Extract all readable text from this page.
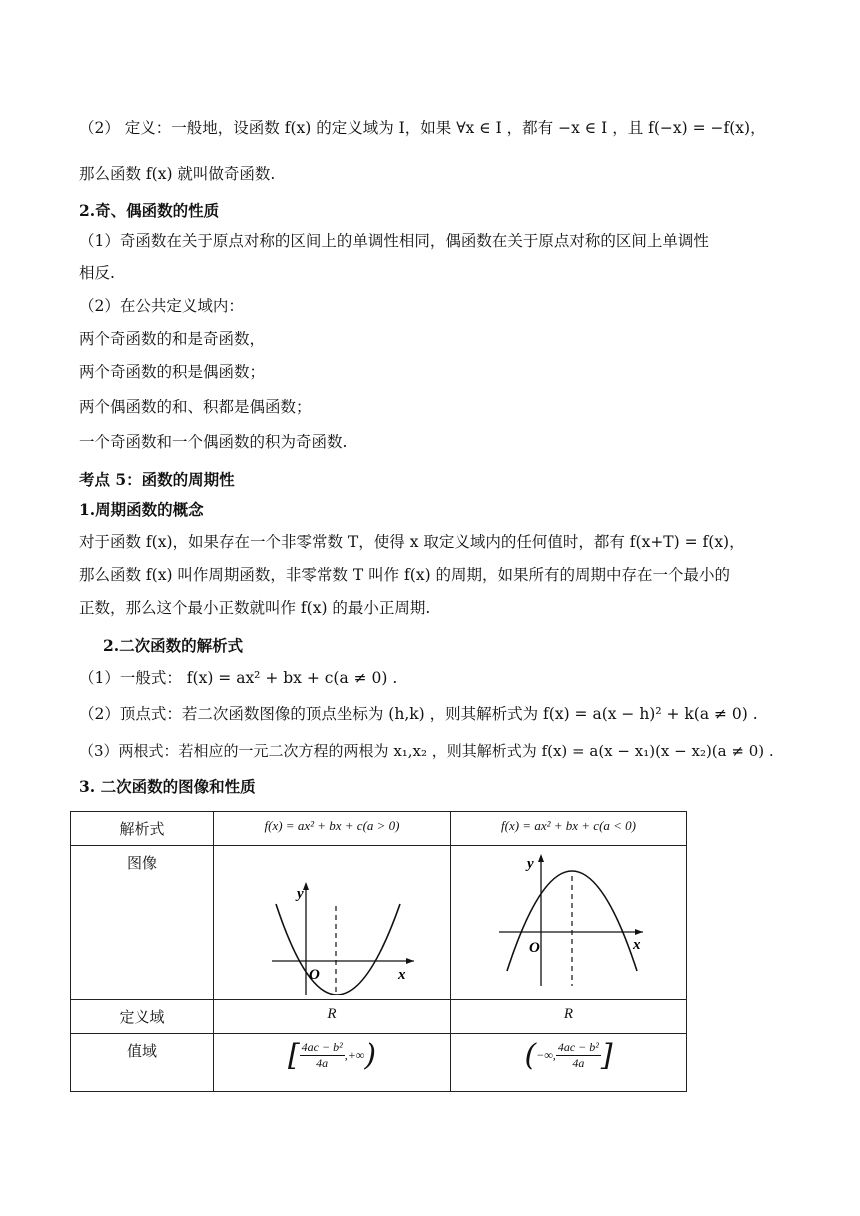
（2） 定义：一般地，设函数 f(x) 的定义域为 I，如果 ∀x ∈ I ，都有 −x ∈ I ，且 f(−x) = −f(x)，
那么函数 f(x) 就叫做奇函数.
2.奇、偶函数的性质
（1）奇函数在关于原点对称的区间上的单调性相同，偶函数在关于原点对称的区间上单调性
相反.
（2）在公共定义域内：
两个奇函数的和是奇函数，
两个奇函数的积是偶函数；
两个偶函数的和、积都是偶函数；
一个奇函数和一个偶函数的积为奇函数.
考点 5：函数的周期性
1.周期函数的概念
对于函数 f(x)，如果存在一个非零常数 T，使得 x 取定义域内的任何值时，都有 f(x+T) = f(x)，
那么函数 f(x) 叫作周期函数，非零常数 T 叫作 f(x) 的周期，如果所有的周期中存在一个最小的
正数，那么这个最小正数就叫作 f(x) 的最小正周期.
2.二次函数的解析式
（1）一般式： f(x) = ax² + bx + c(a ≠ 0) .
（2）顶点式：若二次函数图像的顶点坐标为 (h,k) ，则其解析式为 f(x) = a(x − h)² + k(a ≠ 0) .
（3）两根式：若相应的一元二次方程的两根为 x₁,x₂ ，则其解析式为 f(x) = a(x − x₁)(x − x₂)(a ≠ 0) .
3. 二次函数的图像和性质
解析式	f(x) = ax² + bx + c(a > 0)	f(x) = ax² + bx + c(a < 0)

图像	y
x
O	y
x
O

定义域	R	R

值域	[ $\frac{\text{4ac − b²}}{4a}$ ,+∞)	(−∞, $\frac{\text{4ac − b²}}{4a}$ ]
